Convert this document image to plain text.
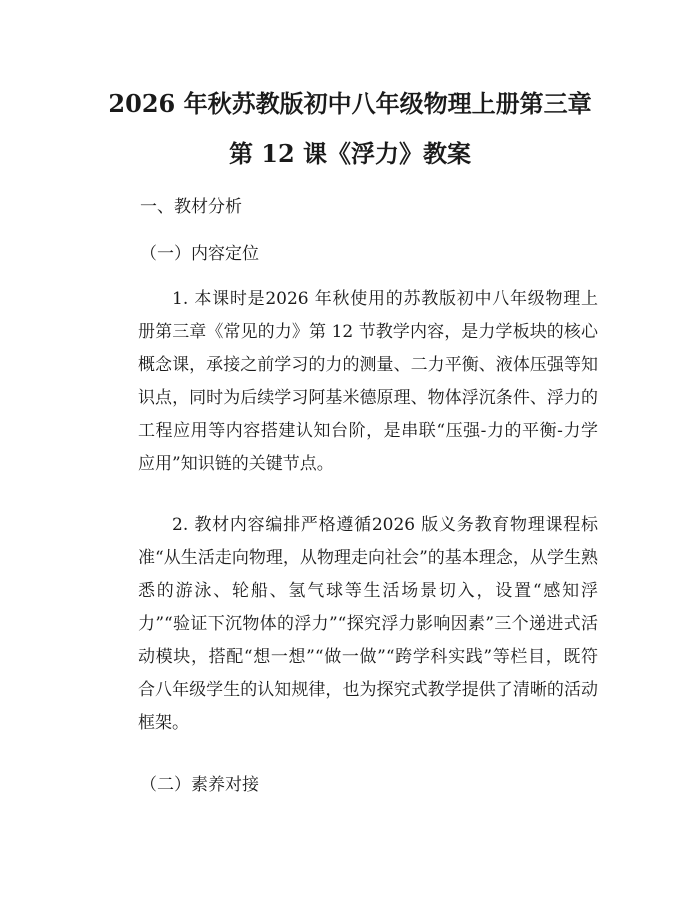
2026 年秋苏教版初中八年级物理上册第三章
第 12 课《浮力》教案

一、教材分析

（一）内容定位

1. 本课时是2026 年秋使用的苏教版初中八年级物理上册第三章《常见的力》第 12 节教学内容，是力学板块的核心概念课，承接之前学习的力的测量、二力平衡、液体压强等知识点，同时为后续学习阿基米德原理、物体浮沉条件、浮力的工程应用等内容搭建认知台阶，是串联“压强-力的平衡-力学应用”知识链的关键节点。

2. 教材内容编排严格遵循2026 版义务教育物理课程标准“从生活走向物理，从物理走向社会”的基本理念，从学生熟悉的游泳、轮船、氢气球等生活场景切入，设置“感知浮力”“验证下沉物体的浮力”“探究浮力影响因素”三个递进式活动模块，搭配“想一想”“做一做”“跨学科实践”等栏目，既符合八年级学生的认知规律，也为探究式教学提供了清晰的活动框架。

（二）素养对接
